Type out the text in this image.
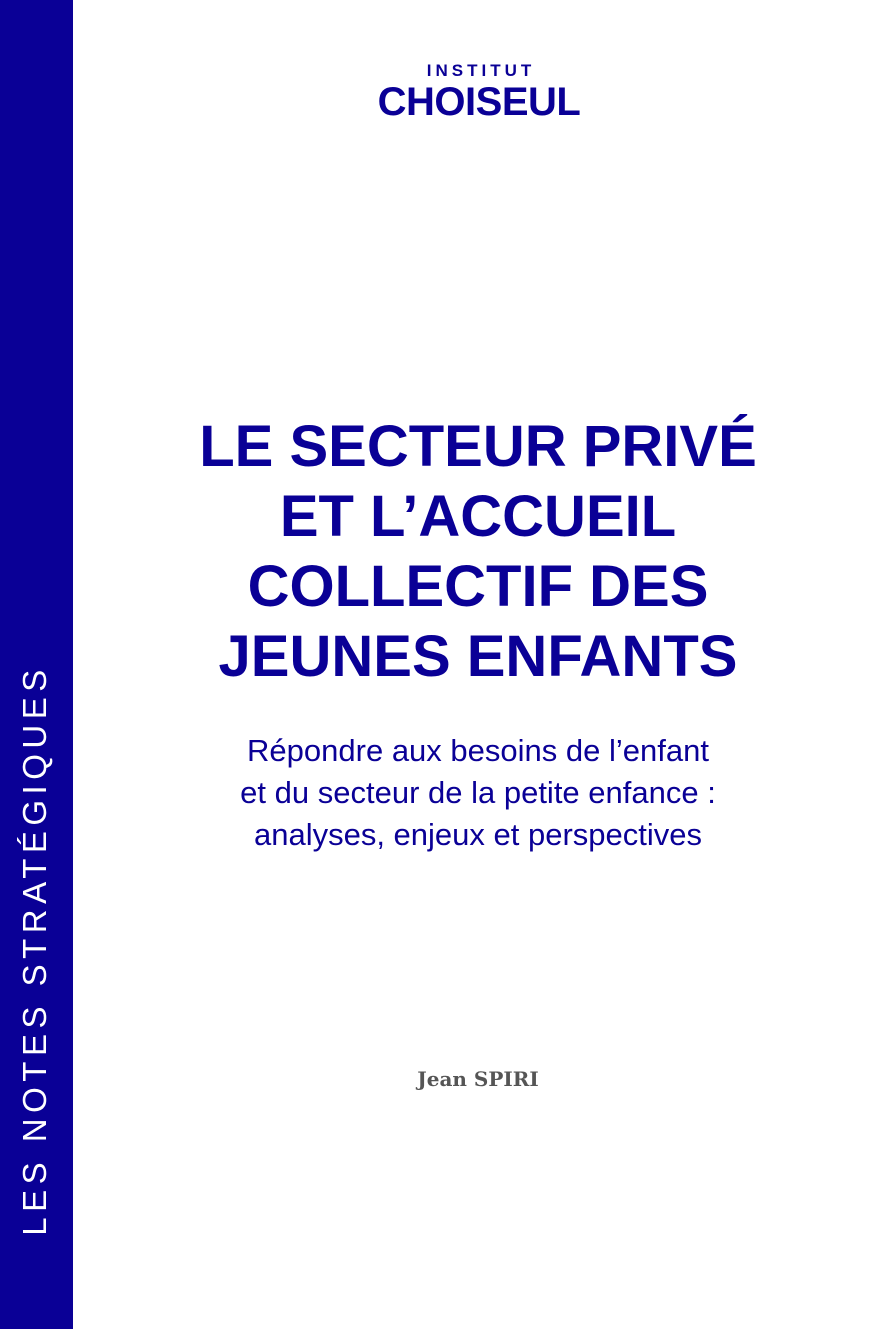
LES NOTES STRATÉGIQUES
INSTITUT
CHOISEUL
LE SECTEUR PRIVÉ
ET L’ACCUEIL
COLLECTIF DES
JEUNES ENFANTS

Répondre aux besoins de l’enfant
et du secteur de la petite enfance :
analyses, enjeux et perspectives

Jean SPIRI
